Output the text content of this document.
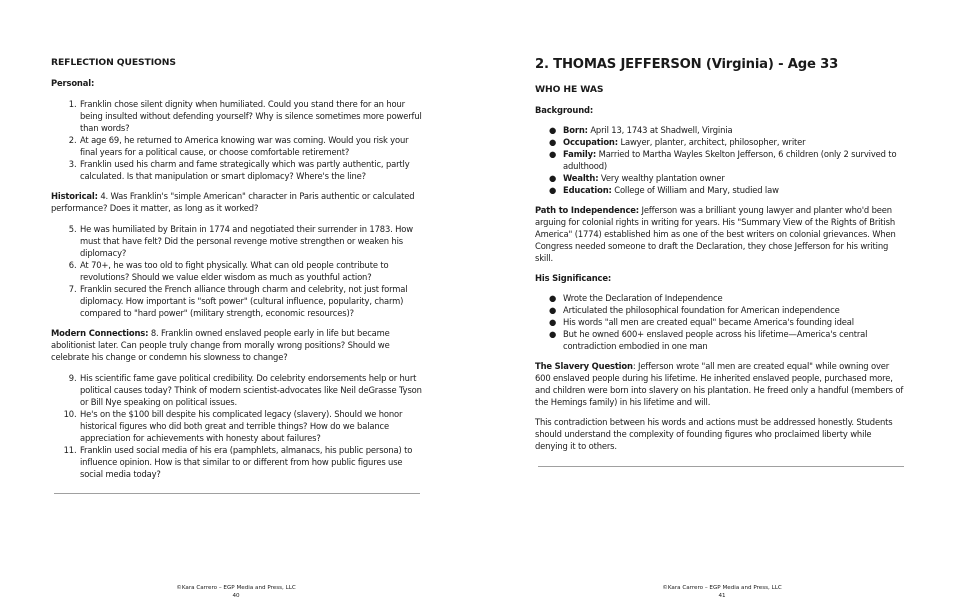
REFLECTION QUESTIONS
Personal:
1. Franklin chose silent dignity when humiliated. Could you stand there for an hour being insulted without defending yourself? Why is silence sometimes more powerful than words?
2. At age 69, he returned to America knowing war was coming. Would you risk your final years for a political cause, or choose comfortable retirement?
3. Franklin used his charm and fame strategically which was partly authentic, partly calculated. Is that manipulation or smart diplomacy? Where's the line?

Historical: 4. Was Franklin's "simple American" character in Paris authentic or calculated performance? Does it matter, as long as it worked?

5. He was humiliated by Britain in 1774 and negotiated their surrender in 1783. How must that have felt? Did the personal revenge motive strengthen or weaken his diplomacy?
6. At 70+, he was too old to fight physically. What can old people contribute to revolutions? Should we value elder wisdom as much as youthful action?
7. Franklin secured the French alliance through charm and celebrity, not just formal diplomacy. How important is "soft power" (cultural influence, popularity, charm) compared to "hard power" (military strength, economic resources)?

Modern Connections: 8. Franklin owned enslaved people early in life but became abolitionist later. Can people truly change from morally wrong positions? Should we celebrate his change or condemn his slowness to change?

9. His scientific fame gave political credibility. Do celebrity endorsements help or hurt political causes today? Think of modern scientist-advocates like Neil deGrasse Tyson or Bill Nye speaking on political issues.
10. He's on the $100 bill despite his complicated legacy (slavery). Should we honor historical figures who did both great and terrible things? How do we balance appreciation for achievements with honesty about failures?
11. Franklin used social media of his era (pamphlets, almanacs, his public persona) to influence opinion. How is that similar to or different from how public figures use social media today?
©Kara Carrero – EGP Media and Press, LLC
40
2. THOMAS JEFFERSON (Virginia) - Age 33
WHO HE WAS
Background:
● Born: April 13, 1743 at Shadwell, Virginia
● Occupation: Lawyer, planter, architect, philosopher, writer
● Family: Married to Martha Wayles Skelton Jefferson, 6 children (only 2 survived to adulthood)
● Wealth: Very wealthy plantation owner
● Education: College of William and Mary, studied law

Path to Independence: Jefferson was a brilliant young lawyer and planter who'd been arguing for colonial rights in writing for years. His "Summary View of the Rights of British America" (1774) established him as one of the best writers on colonial grievances. When Congress needed someone to draft the Declaration, they chose Jefferson for his writing skill.

His Significance:
● Wrote the Declaration of Independence
● Articulated the philosophical foundation for American independence
● His words "all men are created equal" became America's founding ideal
● But he owned 600+ enslaved people across his lifetime—America's central contradiction embodied in one man

The Slavery Question: Jefferson wrote "all men are created equal" while owning over 600 enslaved people during his lifetime. He inherited enslaved people, purchased more, and children were born into slavery on his plantation. He freed only a handful (members of the Hemings family) in his lifetime and will.

This contradiction between his words and actions must be addressed honestly. Students should understand the complexity of founding figures who proclaimed liberty while denying it to others.

©Kara Carrero – EGP Media and Press, LLC
41
